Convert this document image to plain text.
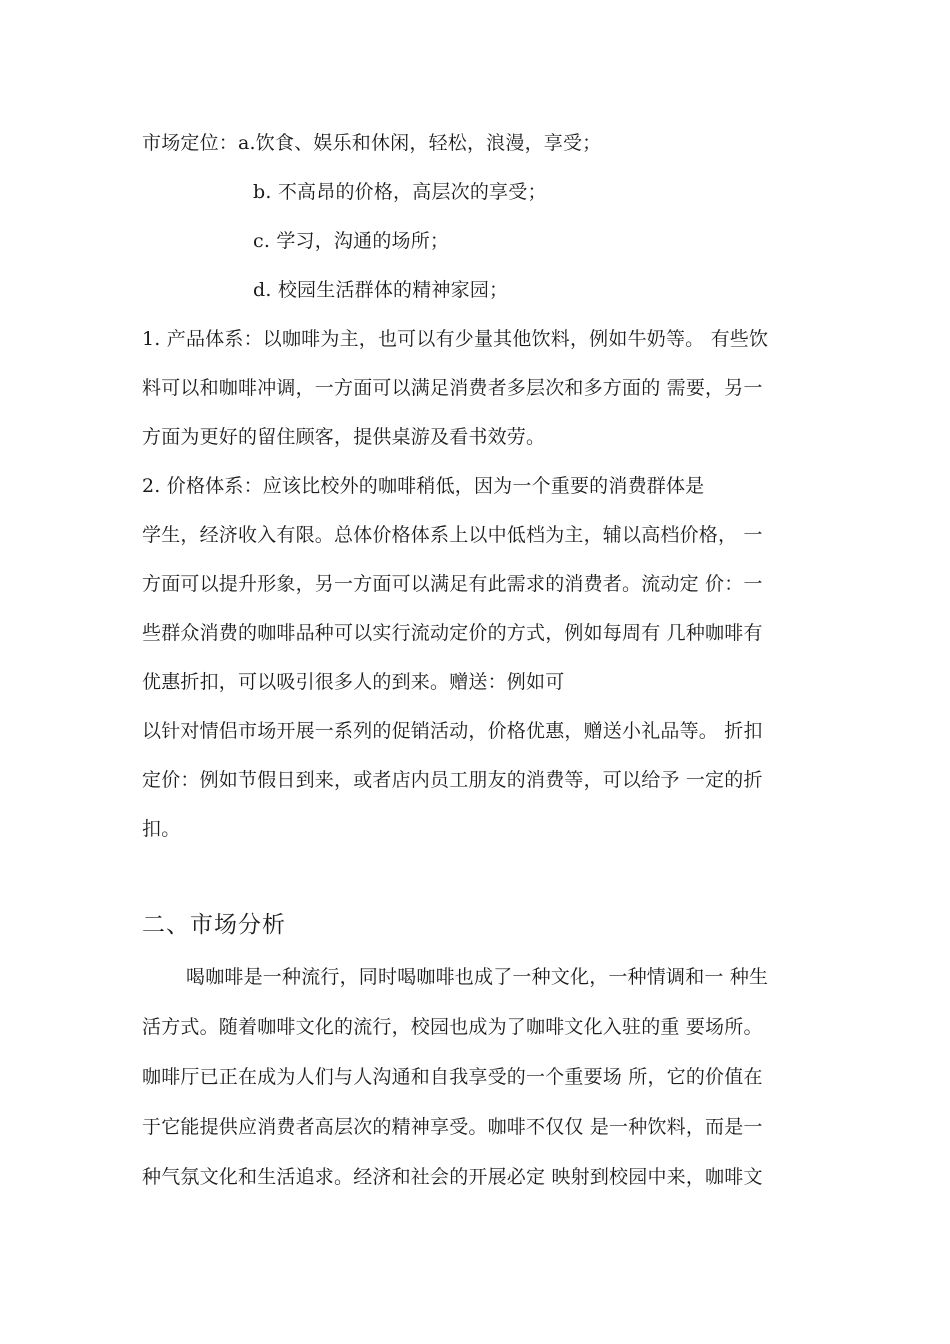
市场定位：a.饮食、娱乐和休闲，轻松，浪漫，享受；
b. 不高昂的价格，高层次的享受；
c. 学习，沟通的场所；
d. 校园生活群体的精神家园；
1. 产品体系：以咖啡为主，也可以有少量其他饮料，例如牛奶等。 有些饮
料可以和咖啡冲调，一方面可以满足消费者多层次和多方面的 需要，另一
方面为更好的留住顾客，提供桌游及看书效劳。
2. 价格体系：应该比校外的咖啡稍低，因为一个重要的消费群体是
学生，经济收入有限。总体价格体系上以中低档为主，辅以高档价格， 一
方面可以提升形象，另一方面可以满足有此需求的消费者。流动定 价：一
些群众消费的咖啡品种可以实行流动定价的方式，例如每周有 几种咖啡有
优惠折扣，可以吸引很多人的到来。赠送：例如可
以针对情侣市场开展一系列的促销活动，价格优惠，赠送小礼品等。 折扣
定价：例如节假日到来，或者店内员工朋友的消费等，可以给予 一定的折
扣。
二、市场分析
喝咖啡是一种流行，同时喝咖啡也成了一种文化，一种情调和一 种生
活方式。随着咖啡文化的流行，校园也成为了咖啡文化入驻的重 要场所。
咖啡厅已正在成为人们与人沟通和自我享受的一个重要场 所，它的价值在
于它能提供应消费者高层次的精神享受。咖啡不仅仅 是一种饮料，而是一
种气氛文化和生活追求。经济和社会的开展必定 映射到校园中来，咖啡文
